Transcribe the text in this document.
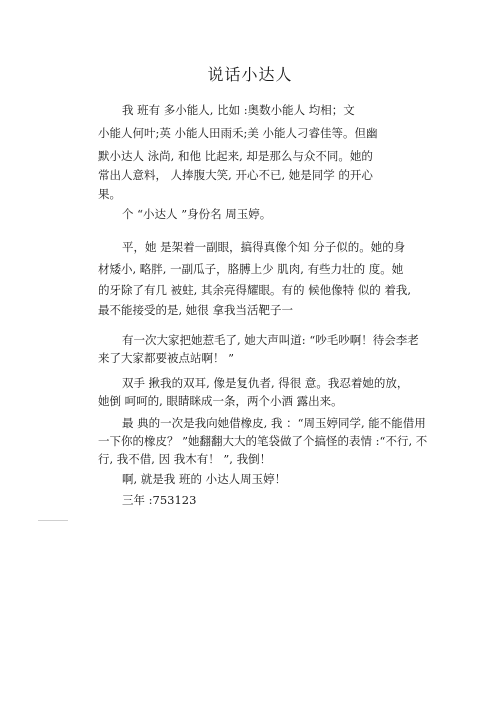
说话小达人
我 班有 多小能人, 比如 :奥数小能人 均相；文
小能人何叶;英 小能人田雨禾;美 小能人刁睿佳等。但幽
默小达人 泳尚, 和他 比起来, 却是那么与众不同。她的
常出人意料， 人捧腹大笑, 开心不已, 她是同学 的开心
果。
个 “小达人 ”身份名 周玉婷。
平，她 是架着一副眼，搞得真像个知 分子似的。她的身
材矮小, 略胖, 一副瓜子，胳膊上少 肌肉, 有些力壮的 度。她
的牙除了有几 被蛀, 其余亮得耀眼。有的 候他像特 似的 着我,
最不能接受的是, 她很 拿我当活靶子一
有一次大家把她惹毛了, 她大声叫道: “吵毛吵啊！待会李老
来了大家都要被点站啊！ ”
双手 揪我的双耳, 像是复仇者, 得很 意。我忍着她的放，
她倒 呵呵的, 眼睛眯成一条，两个小酒 露出来。
最 典的一次是我向她借橡皮, 我 ：“周玉婷同学, 能不能借用
一下你的橡皮？ ”她翻翻大大的笔袋做了个搞怪的表情 :“不行, 不
行, 我不借, 因 我木有！ ”, 我倒！
啊, 就是我 班的 小达人周玉婷！
三年 :753123
